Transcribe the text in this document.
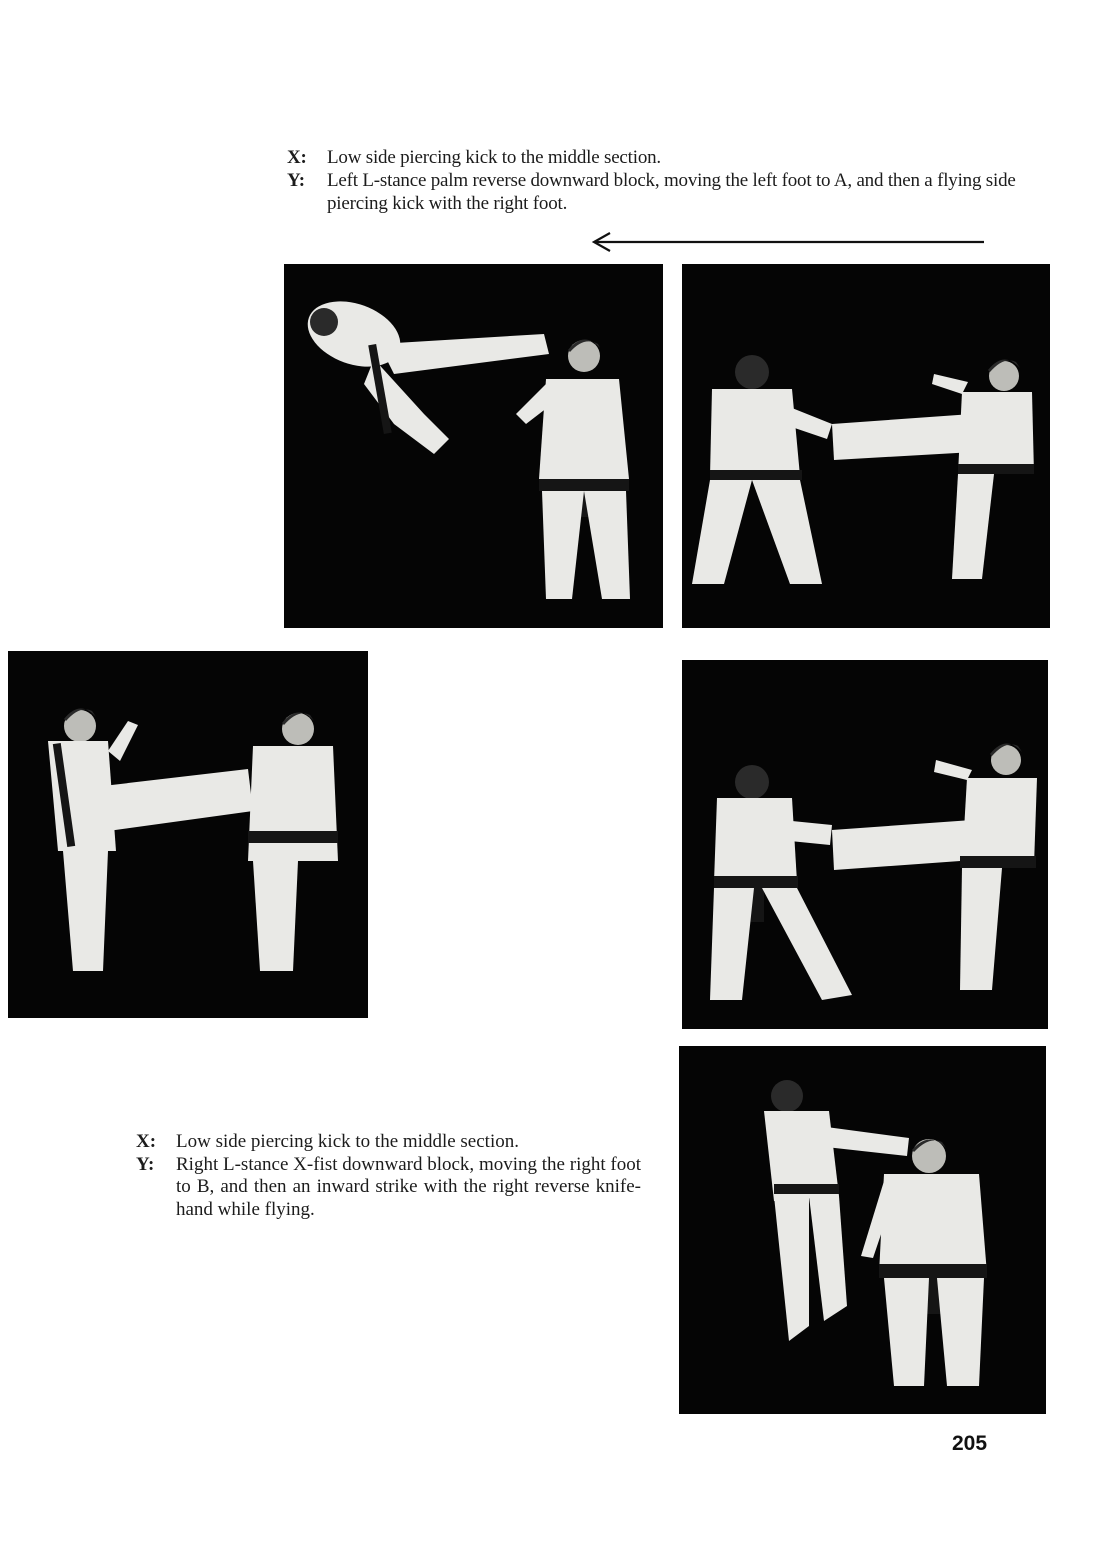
X:	Low side piercing kick to the middle section.
Y:	Left L-stance palm reverse downward block, moving the left foot to A, and then a flying side piercing kick with the right foot.
X:	Low side piercing kick to the middle section.
Y:	Right L-stance X-fist downward block, moving the right foot to B, and then an inward strike with the right reverse knife-hand while flying.
205
